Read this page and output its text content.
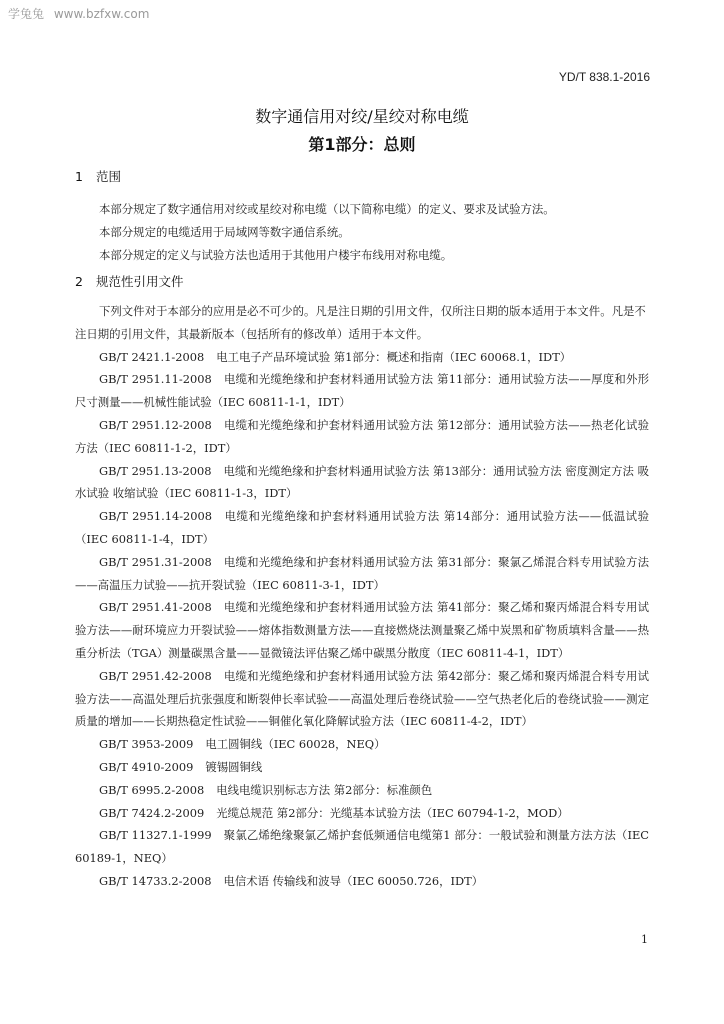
学兔兔 www.bzfxw.com
YD/T 838.1-2016
数字通信用对绞/星绞对称电缆
第1部分：总则
1 范围

本部分规定了数字通信用对绞或星绞对称电缆（以下简称电缆）的定义、要求及试验方法。

本部分规定的电缆适用于局域网等数字通信系统。

本部分规定的定义与试验方法也适用于其他用户楼宇布线用对称电缆。

2 规范性引用文件

下列文件对于本部分的应用是必不可少的。凡是注日期的引用文件，仅所注日期的版本适用于本文件。凡是不注日期的引用文件，其最新版本（包括所有的修改单）适用于本文件。

GB/T 2421.1-2008 电工电子产品环境试验 第1部分：概述和指南（IEC 60068.1，IDT）

GB/T 2951.11-2008 电缆和光缆绝缘和护套材料通用试验方法 第11部分：通用试验方法——厚度和外形尺寸测量——机械性能试验（IEC 60811-1-1，IDT）

GB/T 2951.12-2008 电缆和光缆绝缘和护套材料通用试验方法 第12部分：通用试验方法——热老化试验方法（IEC 60811-1-2，IDT）

GB/T 2951.13-2008 电缆和光缆绝缘和护套材料通用试验方法 第13部分：通用试验方法 密度测定方法 吸水试验 收缩试验（IEC 60811-1-3，IDT）

GB/T 2951.14-2008 电缆和光缆绝缘和护套材料通用试验方法 第14部分：通用试验方法——低温试验（IEC 60811-1-4，IDT）

GB/T 2951.31-2008 电缆和光缆绝缘和护套材料通用试验方法 第31部分：聚氯乙烯混合料专用试验方法——高温压力试验——抗开裂试验（IEC 60811-3-1，IDT）

GB/T 2951.41-2008 电缆和光缆绝缘和护套材料通用试验方法 第41部分：聚乙烯和聚丙烯混合料专用试验方法——耐环境应力开裂试验——熔体指数测量方法——直接燃烧法测量聚乙烯中炭黑和矿物质填料含量——热重分析法（TGA）测量碳黑含量——显微镜法评估聚乙烯中碳黑分散度（IEC 60811-4-1，IDT）

GB/T 2951.42-2008 电缆和光缆绝缘和护套材料通用试验方法 第42部分：聚乙烯和聚丙烯混合料专用试验方法——高温处理后抗张强度和断裂伸长率试验——高温处理后卷绕试验——空气热老化后的卷绕试验——测定质量的增加——长期热稳定性试验——铜催化氧化降解试验方法（IEC 60811-4-2，IDT）

GB/T 3953-2009 电工圆铜线（IEC 60028，NEQ）

GB/T 4910-2009 镀锡圆铜线

GB/T 6995.2-2008 电线电缆识别标志方法 第2部分：标准颜色

GB/T 7424.2-2009 光缆总规范 第2部分：光缆基本试验方法（IEC 60794-1-2，MOD）

GB/T 11327.1-1999 聚氯乙烯绝缘聚氯乙烯护套低频通信电缆第1 部分：一般试验和测量方法方法（IEC 60189-1，NEQ）

GB/T 14733.2-2008 电信术语 传输线和波导（IEC 60050.726，IDT）

1
